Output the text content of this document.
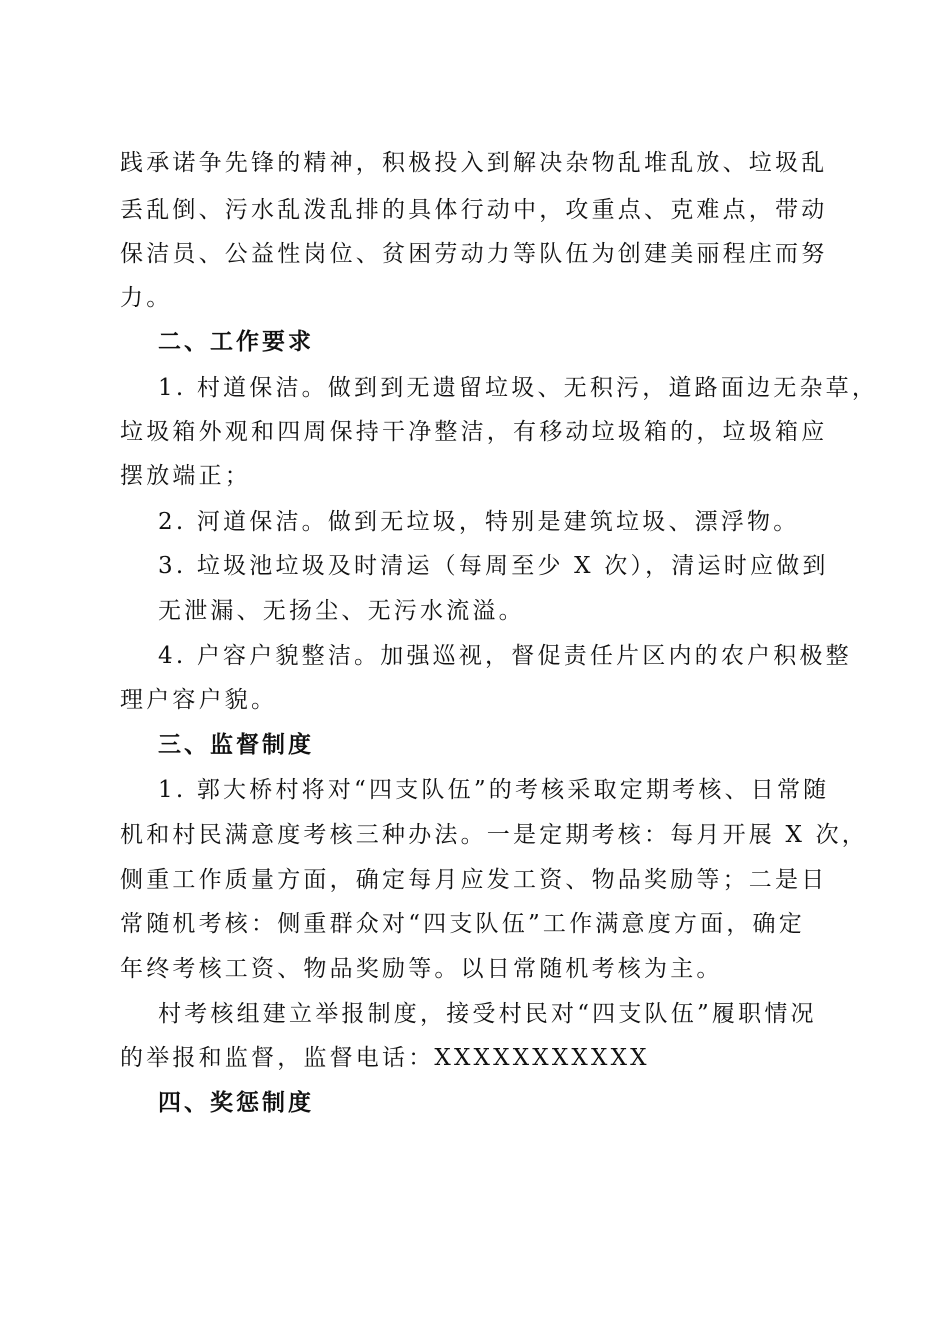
践承诺争先锋的精神，积极投入到解决杂物乱堆乱放、垃圾乱
丢乱倒、污水乱泼乱排的具体行动中，攻重点、克难点，带动
保洁员、公益性岗位、贫困劳动力等队伍为创建美丽程庄而努
力。
二、工作要求
1. 村道保洁。做到到无遗留垃圾、无积污，道路面边无杂草，
垃圾箱外观和四周保持干净整洁，有移动垃圾箱的，垃圾箱应
摆放端正；
2. 河道保洁。做到无垃圾，特别是建筑垃圾、漂浮物。
3. 垃圾池垃圾及时清运（每周至少 X 次），清运时应做到
无泄漏、无扬尘、无污水流溢。
4. 户容户貌整洁。加强巡视，督促责任片区内的农户积极整
理户容户貌。
三、监督制度
1. 郭大桥村将对“四支队伍”的考核采取定期考核、日常随
机和村民满意度考核三种办法。一是定期考核：每月开展 X 次，
侧重工作质量方面，确定每月应发工资、物品奖励等；二是日
常随机考核：侧重群众对“四支队伍”工作满意度方面，确定
年终考核工资、物品奖励等。以日常随机考核为主。
村考核组建立举报制度，接受村民对“四支队伍”履职情况
的举报和监督，监督电话：XXXXXXXXXXX
四、奖惩制度
